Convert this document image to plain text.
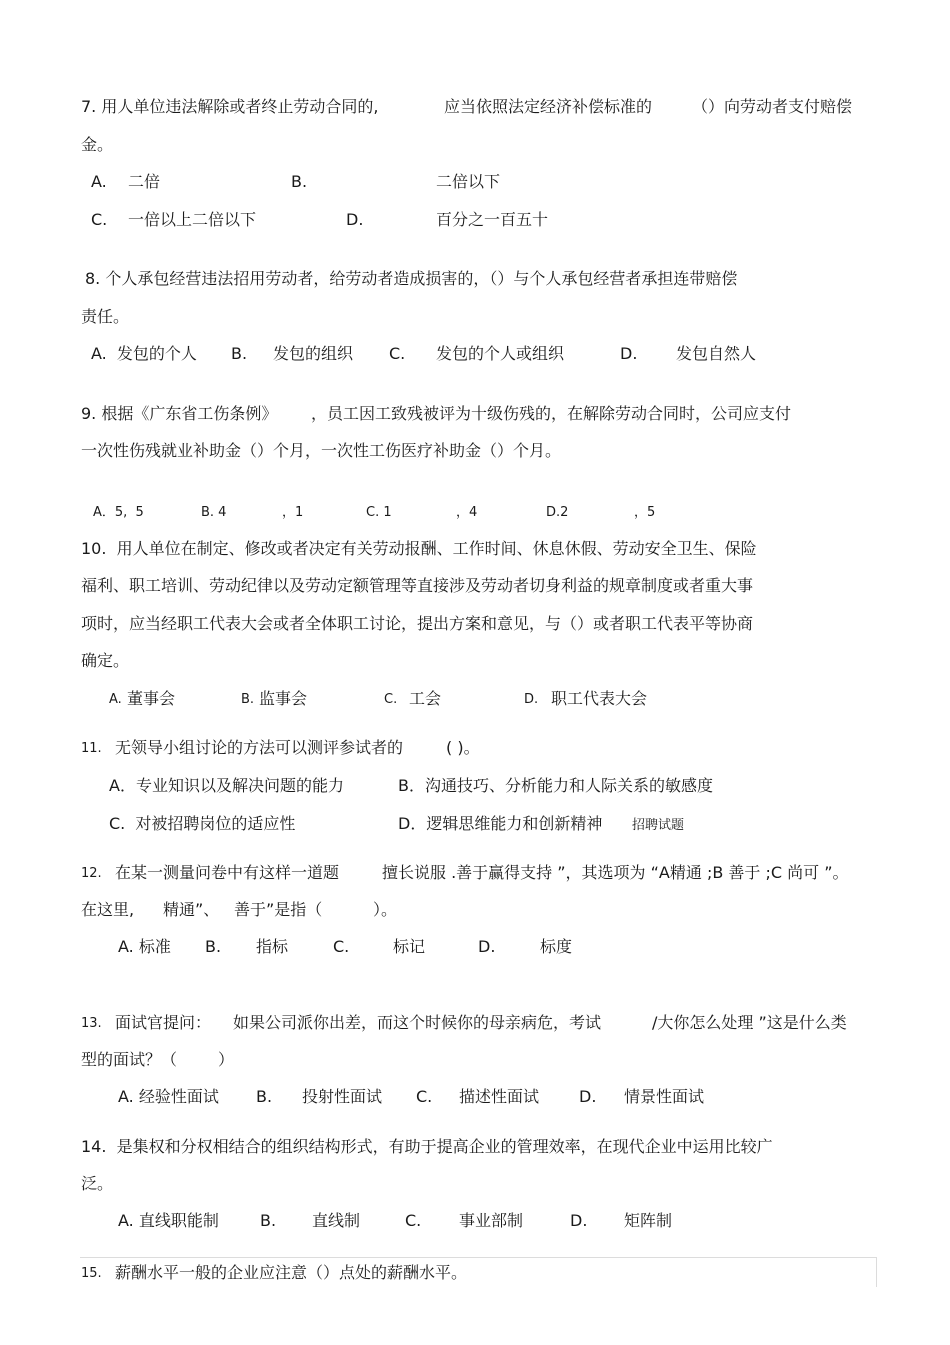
7. 用人单位违法解除或者终止劳动合同的,	应当依照法定经济补偿标准的 （）向劳动者支付赔偿
金。
A. 二倍	B.	二倍以下
C. 一倍以上二倍以下	D.	百分之一百五十
8. 个人承包经营违法招用劳动者，给劳动者造成损害的，（）与个人承包经营者承担连带赔偿
责任。
A.  发包的个人 B. 发包的组织 C. 发包的个人或组织	D. 发包自然人
9. 根据《广东省工伤条例》 ，员工因工致残被评为十级伤残的，在解除劳动合同时，公司应支付
一次性伤残就业补助金（）个月，一次性工伤医疗补助金（）个月。
A．5,  5	B. 4	，1	C. 1	，4	D.2	，5
10.  用人单位在制定、修改或者决定有关劳动报酬、工作时间、休息休假、劳动安全卫生、保险
福利、职工培训、劳动纪律以及劳动定额管理等直接涉及劳动者切身利益的规章制度或者重大事
项时，应当经职工代表大会或者全体职工讨论，提出方案和意见，与（）或者职工代表平等协商
确定。
A. 董事会	B. 监事会	C. 工会	D. 职工代表大会
11. 无领导小组讨论的方法可以测评参试者的	( )。
A．专业知识以及解决问题的能力	B．沟通技巧、分析能力和人际关系的敏感度
C.  对被招聘岗位的适应性	D．逻辑思维能力和创新精神 招聘试题
12. 在某一测量问卷中有这样一道题	擅长说服 .善于赢得支持 ”，其选项为 “A精通 ;B 善于 ;C 尚可 ”。
在这里, 精通”、 善于”是指（	）。
A. 标准 B. 指标	C.	标记	D.	标度
13. 面试官提问： 如果公司派你出差，而这个时候你的母亲病危，考试	/大你怎么处理 ”这是什么类
型的面试？（	）
A. 经验性面试 B. 投射性面试 C. 描述性面试 D. 情景性面试
14.  是集权和分权相结合的组织结构形式，有助于提高企业的管理效率，在现代企业中运用比较广
泛。
A. 直线职能制	B. 直线制	C. 事业部制	D. 矩阵制
15. 薪酬水平一般的企业应注意（）点处的薪酬水平。
